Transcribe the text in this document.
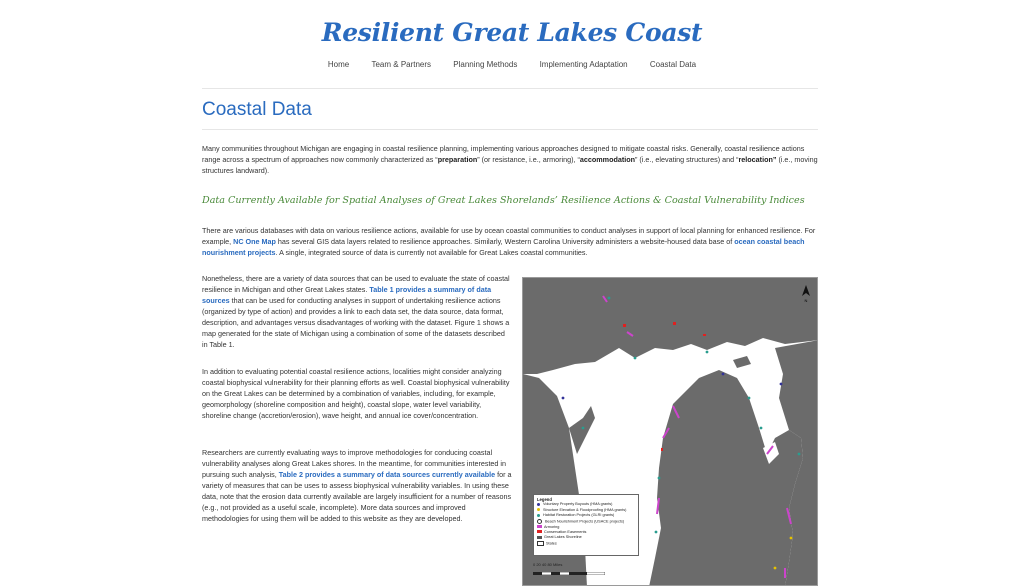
Resilient Great Lakes Coast
Home	Team & Partners	Planning Methods	Implementing Adaptation	Coastal Data
Coastal Data
Many communities throughout Michigan are engaging in coastal resilience planning, implementing various approaches designed to mitigate coastal risks. Generally, coastal resilience actions range across a spectrum of approaches now commonly characterized as “preparation” (or resistance, i.e., armoring), “accommodation” (i.e., elevating structures) and “relocation” (i.e., moving structures landward).
Data Currently Available for Spatial Analyses of Great Lakes Shorelands’ Resilience Actions & Coastal Vulnerability Indices
There are various databases with data on various resilience actions, available for use by ocean coastal communities to conduct analyses in support of local planning for enhanced resilience. For example, NC One Map has several GIS data layers related to resilience approaches. Similarly, Western Carolina University administers a website-housed data base of ocean coastal beach nourishment projects. A single, integrated source of data is currently not available for Great Lakes coastal communities.
Nonetheless, there are a variety of data sources that can be used to evaluate the state of coastal resilience in Michigan and other Great Lakes states. Table 1 provides a summary of data sources that can be used for conducting analyses in support of undertaking resilience actions (organized by type of action) and provides a link to each data set, the data source, data format, description, and advantages versus disadvantages of working with the dataset. Figure 1 shows a map generated for the state of Michigan using a combination of some of the datasets described in Table 1.
In addition to evaluating potential coastal resilience actions, localities might consider analyzing coastal biophysical vulnerability for their planning efforts as well. Coastal biophysical vulnerability on the Great Lakes can be determined by a combination of variables, including, for example, geomorphology (shoreline composition and height), coastal slope, water level variability, shoreline change (accretion/erosion), wave height, and annual ice cover/concentration.
Researchers are currently evaluating ways to improve methodologies for conducing coastal vulnerability analyses along Great Lakes shores. In the meantime, for communities interested in pursuing such analysis, Table 2 provides a summary of data sources currently available for a variety of measures that can be uses to assess biophysical vulnerability variables. In using these data, note that the erosion data currently available are largely insufficient for a number of reasons (e.g., not provided as a useful scale, incomplete). More data sources and improved methodologies for using them will be added to this website as they are developed.
N
Legend
Voluntary Property Buyouts (HMA grants)
Structure Elevation & Floodproofing (HMA grants)
Habitat Restoration Projects (GLRI grants)
Beach Nourishment Projects (USACE projects)
Armoring
Conservation Easements
Great Lakes Shoreline
States
0 20 40 80 Miles
